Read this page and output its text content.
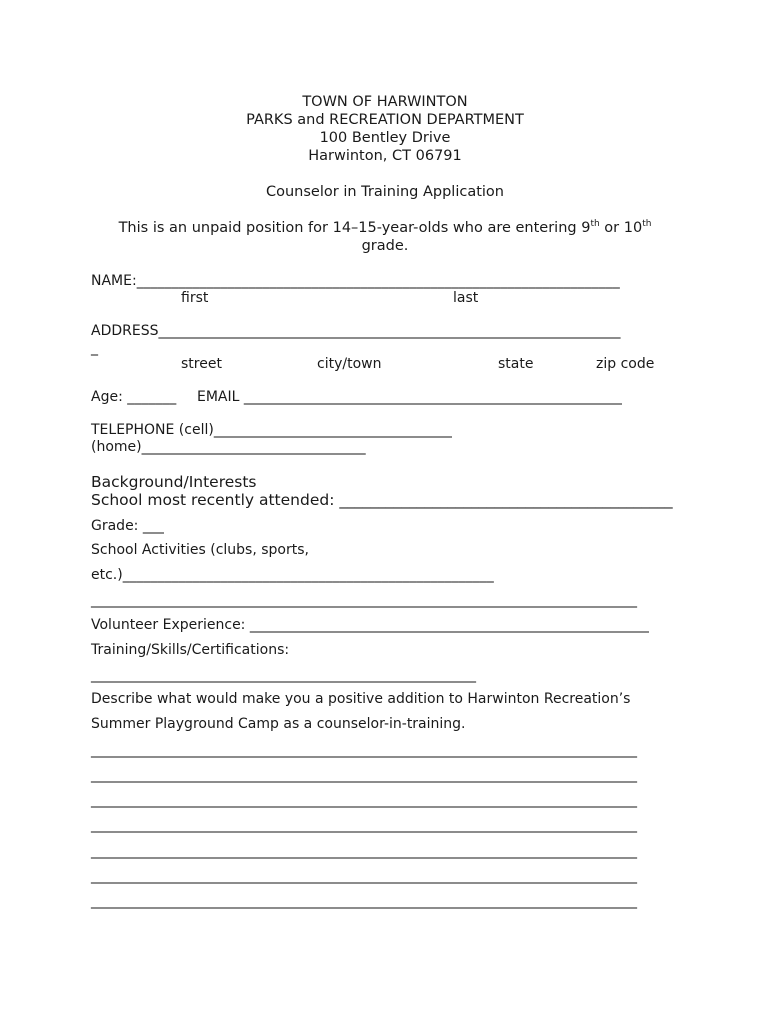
TOWN OF HARWINTON
PARKS and RECREATION DEPARTMENT
100 Bentley Drive
Harwinton, CT 06791
Counselor in Training Application
This is an unpaid position for 14–15-year-olds who are entering 9th or 10th
grade.
NAME:_____________________________________________________________________
first	last
ADDRESS__________________________________________________________________
_
street	city/town	state	zip code
Age: _______ EMAIL ______________________________________________________
TELEPHONE (cell)__________________________________
(home)________________________________
Background/Interests
School most recently attended: ___________________________________________
Grade: ___
School Activities (clubs, sports,
etc.)_____________________________________________________
______________________________________________________________________________
Volunteer Experience: _________________________________________________________
Training/Skills/Certifications:
_______________________________________________________
Describe what would make you a positive addition to Harwinton Recreation’s
Summer Playground Camp as a counselor-in-training.
______________________________________________________________________________
______________________________________________________________________________
______________________________________________________________________________
______________________________________________________________________________
______________________________________________________________________________
______________________________________________________________________________
______________________________________________________________________________
